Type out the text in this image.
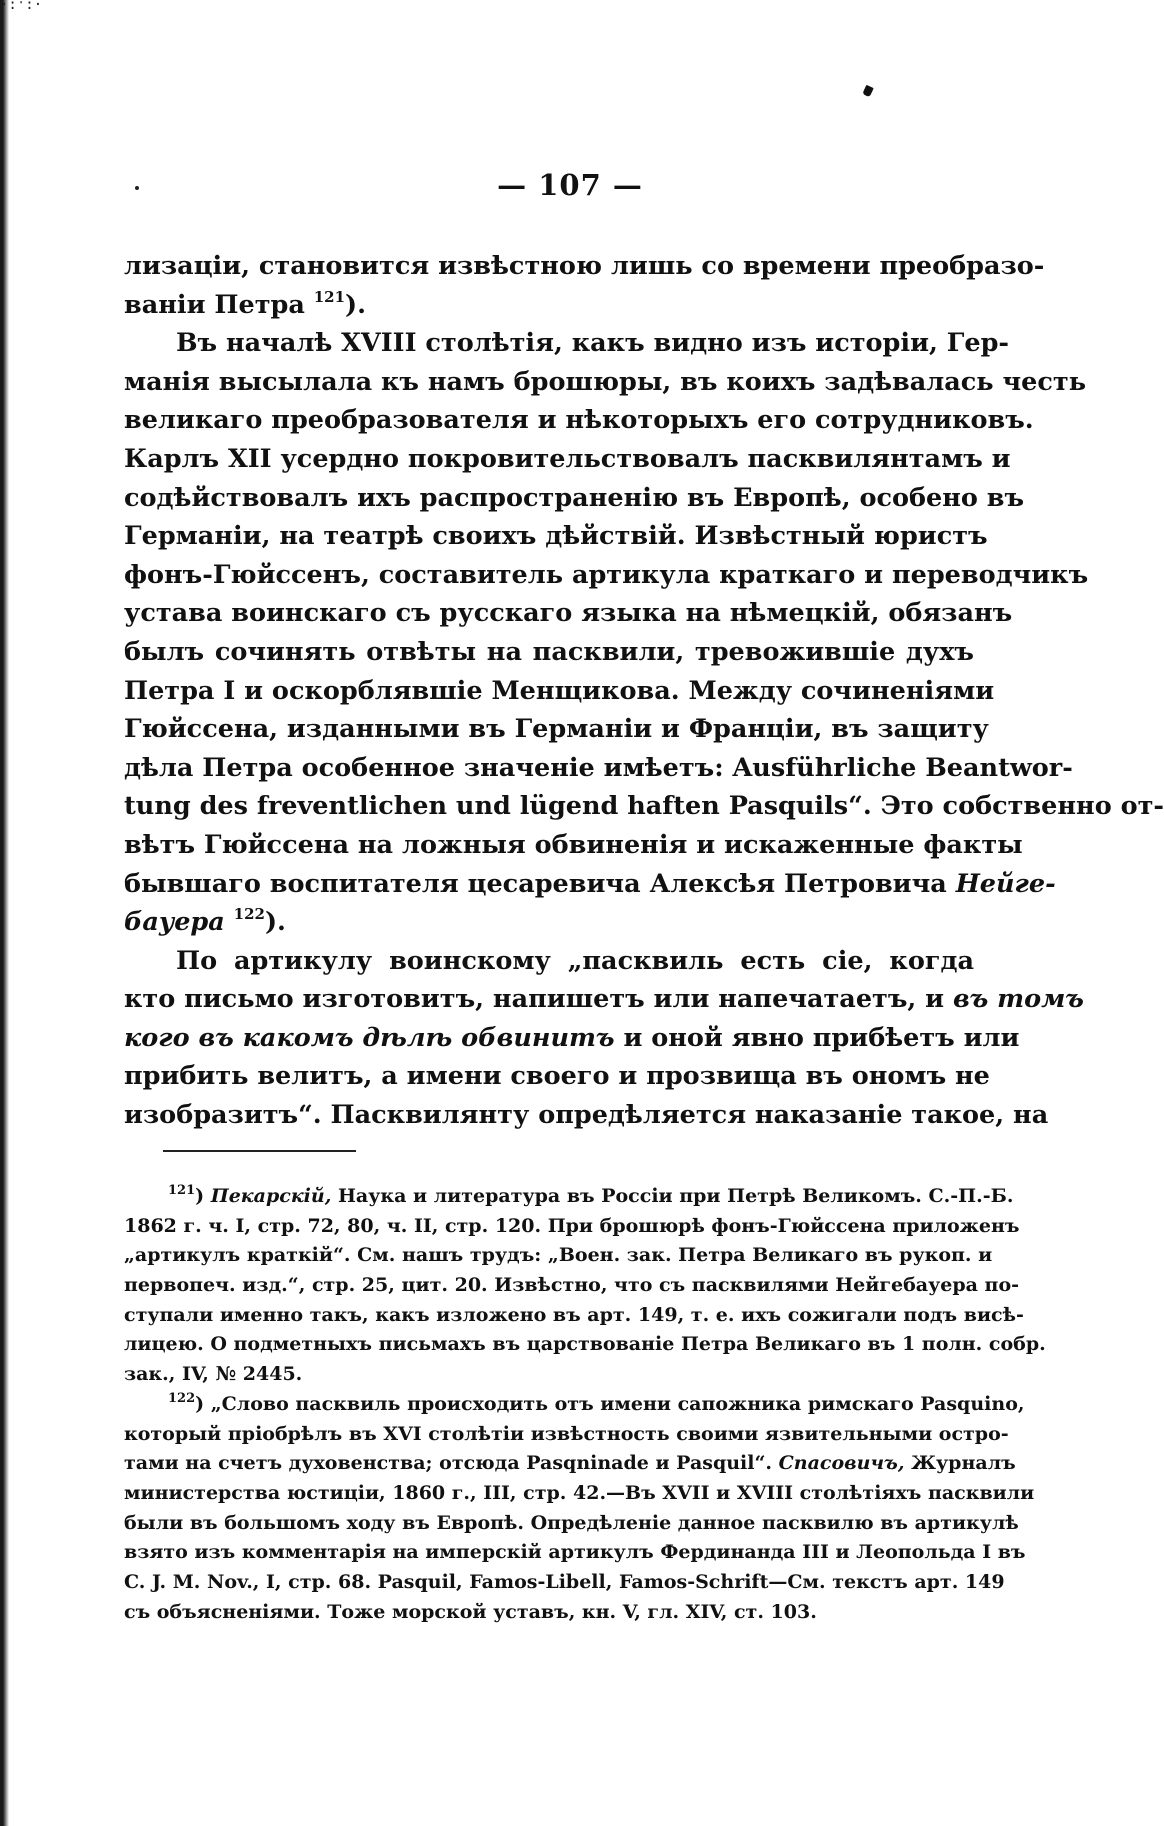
·:ˑ:·
— 107 —
лизаціи, становится извѣстною лишь со времени преобразо-
ваніи Петра $^{121}$).
Въ началѣ XVIII столѣтія, какъ видно изъ исторіи, Гер-
манія высылала къ намъ брошюры, въ коихъ задѣвалась честь
великаго преобразователя и нѣкоторыхъ его сотрудниковъ.
Карлъ XII усердно покровительствовалъ пасквилянтамъ и
содѣйствовалъ ихъ распространенію въ Европѣ, особено въ
Германіи, на театрѣ своихъ дѣйствій. Извѣстный юристъ
фонъ-Гюйссенъ, составитель артикула краткаго и переводчикъ
устава воинскаго съ русскаго языка на нѣмецкій, обязанъ
былъ сочинять отвѣты на пасквили, тревожившіе духъ
Петра I и оскорблявшіе Менщикова. Между сочиненіями
Гюйссена, изданными въ Германіи и Франціи, въ защиту
дѣла Петра особенное значеніе имѣетъ: Ausführliche Beantwor-
tung des freventlichen und lügend haften Pasquils“. Это собственно от-
вѣтъ Гюйссена на ложныя обвиненія и искаженные факты
бывшаго воспитателя цесаревича Алексѣя Петровича Нейге-
бауера $^{122}$).
По артикулу воинскому „пасквиль есть сіе, когда
кто письмо изготовитъ, напишетъ или напечатаетъ, и въ томъ
кого въ какомъ дѣлѣ обвинитъ и оной явно прибѣетъ или
прибить велитъ, а имени своего и прозвища въ ономъ не
изобразитъ“. Пасквилянту опредѣляется наказаніе такое, на
$^{121}$) Пекарскій, Наука и литература въ Россіи при Петрѣ Великомъ. С.-П.-Б.
1862 г. ч. I, стр. 72, 80, ч. II, стр. 120. При брошюрѣ фонъ-Гюйссена приложенъ
„артикулъ краткій“. См. нашъ трудъ: „Воен. зак. Петра Великаго въ рукоп. и
первопеч. изд.“, стр. 25, цит. 20. Извѣстно, что съ пасквилями Нейгебауера по-
ступали именно такъ, какъ изложено въ арт. 149, т. е. ихъ сожигали подъ висѣ-
лицею. О подметныхъ письмахъ въ царствованіе Петра Великаго въ 1 полн. собр.
зак., IV, № 2445.
$^{122}$) „Слово пасквиль происходить отъ имени сапожника римскаго Pasquino,
который пріобрѣлъ въ XVI столѣтіи извѣстность своими язвительными остро-
тами на счетъ духовенства; отсюда Pasqninade и Pasquil“. Спасовичъ, Журналъ
министерства юстиціи, 1860 г., III, стр. 42.—Въ XVII и XVIII столѣтіяхъ пасквили
были въ большомъ ходу въ Европѣ. Опредѣленіе данное пасквилю въ артикулѣ
взято изъ комментарія на имперскій артикулъ Фердинанда III и Леопольда I въ
C. J. M. Nov., I, стр. 68. Pasquil, Famos-Libell, Famos-Schrift—См. текстъ арт. 149
съ объясненіями. Тоже морской уставъ, кн. V, гл. XIV, ст. 103.
